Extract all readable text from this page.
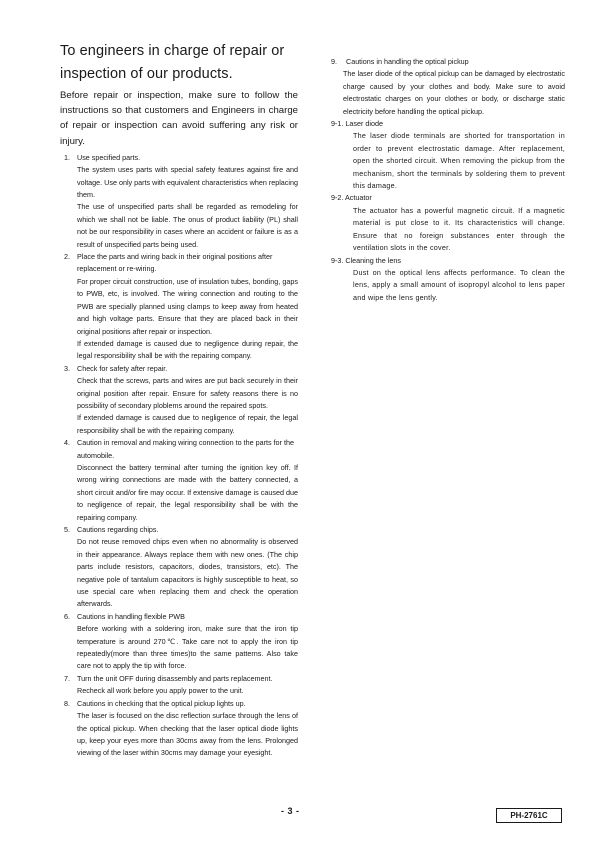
To engineers in charge of repair or inspection of our products.

Before repair or inspection, make sure to follow the instructions so that customers and Engineers in charge of repair or inspection can avoid suffering any risk or injury.

1. Use specified parts.

The system uses parts with special safety features against fire and voltage. Use only parts with equivalent characteristics when replacing them.

The use of unspecified parts shall be regarded as remodeling for which we shall not be liable. The onus of product liability (PL) shall not be our responsibility in cases where an accident or failure is as a result of unspecified parts being used.

2. Place the parts and wiring back in their original positions after replacement or re-wiring.

For proper circuit construction, use of insulation tubes, bonding, gaps to PWB, etc, is involved. The wiring connection and routing to the PWB are specially planned using clamps to keep away from heated and high voltage parts. Ensure that they are placed back in their original positions after repair or inspection.

If extended damage is caused due to negligence during repair, the legal responsibility shall be with the repairing company.

3. Check for safety after repair.

Check that the screws, parts and wires are put back securely in their original position after repair. Ensure for safety reasons there is no possibility of secondary ploblems around the repaired spots.

If extended damage is caused due to negligence of repair, the legal responsibility shall be with the repairing company.

4. Caution in removal and making wiring connection to the parts for the automobile.

Disconnect the battery terminal after turning the ignition key off. If wrong wiring connections are made with the battery connected, a short circuit and/or fire may occur. If extensive damage is caused due to negligence of repair, the legal responsibility shall be with the repairing company.

5. Cautions regarding chips.

Do not reuse removed chips even when no abnormality is observed in their appearance. Always replace them with new ones. (The chip parts include resistors, capacitors, diodes, transistors, etc). The negative pole of tantalum capacitors is highly susceptible to heat, so use special care when replacing them and check the operation afterwards.

6. Cautions in handling flexible PWB

Before working with a soldering iron, make sure that the iron tip temperature is around 270℃. Take care not to apply the iron tip repeatedly(more than three times)to the same patterns. Also take care not to apply the tip with force.

7. Turn the unit OFF during disassembly and parts replacement. Recheck all work before you apply power to the unit.
8. Cautions in checking that the optical pickup lights up.

The laser is focused on the disc reflection surface through the lens of the optical pickup. When checking that the laser optical diode lights up, keep your eyes more than 30cms away from the lens. Prolonged viewing of the laser within 30cms may damage your eyesight.

9.	Cautions in handling the optical pickup

The laser diode of the optical pickup can be damaged by electrostatic charge caused by your clothes and body. Make sure to avoid electrostatic charges on your clothes or body, or discharge static electricity before handling the optical pickup.

9-1. Laser diode

The laser diode terminals are shorted for transportation in order to prevent electrostatic damage. After replacement, open the shorted circuit. When removing the pickup from the mechanism, short the terminals by soldering them to prevent this damage.

9-2. Actuator

The actuator has a powerful magnetic circuit. If a magnetic material is put close to it. Its characteristics will change. Ensure that no foreign substances enter through the ventilation slots in the cover.

9-3. Cleaning the lens

Dust on the optical lens affects performance. To clean the lens, apply a small amount of isopropyl alcohol to lens paper and wipe the lens gently.

- 3 -	PH-2761C
